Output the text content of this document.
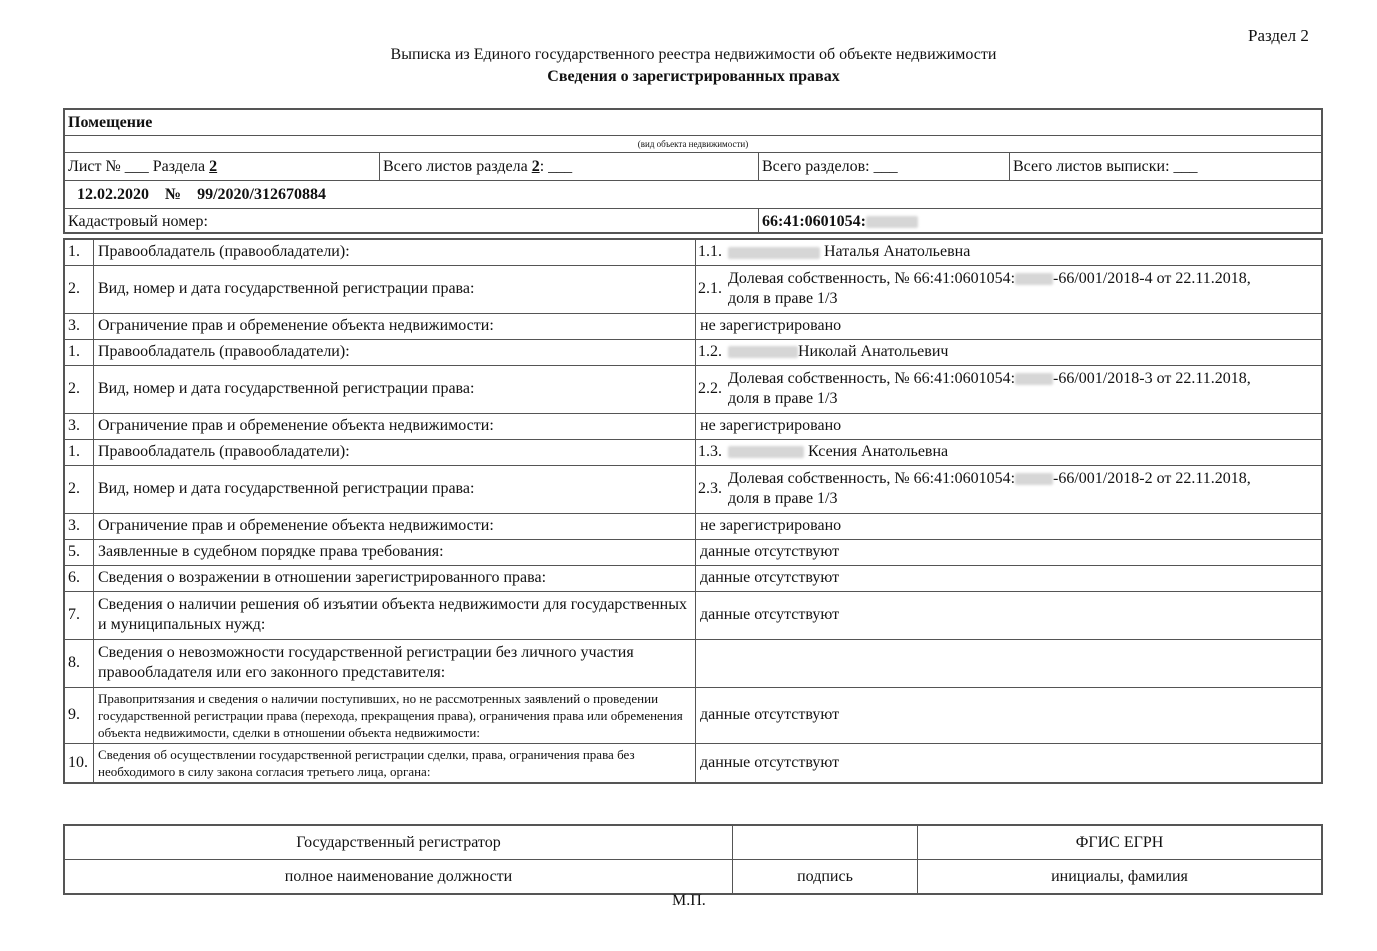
Раздел 2
Выписка из Единого государственного реестра недвижимости об объекте недвижимости
Сведения о зарегистрированных правах
Помещение
(вид объекта недвижимости)
Лист № ___ Раздела 2	Всего листов раздела 2: ___	Всего разделов: ___	Всего листов выписки: ___
12.02.2020 № 99/2020/312670884
Кадастровый номер:	66:41:0601054:
1.	Правообладатель (правообладатели):	1.1.	Наталья Анатольевна
2.	Вид, номер и дата государственной регистрации права:	2.1.	Долевая собственность, № 66:41:0601054: -66/001/2018-4 от 22.11.2018,
доля в праве 1/3
3.	Ограничение прав и обременение объекта недвижимости:	не зарегистрировано	
1.	Правообладатель (правообладатели):	1.2.	Николай Анатольевич
2.	Вид, номер и дата государственной регистрации права:	2.2.	Долевая собственность, № 66:41:0601054: -66/001/2018-3 от 22.11.2018,
доля в праве 1/3
3.	Ограничение прав и обременение объекта недвижимости:	не зарегистрировано	
1.	Правообладатель (правообладатели):	1.3.	Ксения Анатольевна
2.	Вид, номер и дата государственной регистрации права:	2.3.	Долевая собственность, № 66:41:0601054: -66/001/2018-2 от 22.11.2018,
доля в праве 1/3
3.	Ограничение прав и обременение объекта недвижимости:	не зарегистрировано	
5.	Заявленные в судебном порядке права требования:	данные отсутствуют	
6.	Сведения о возражении в отношении зарегистрированного права:	данные отсутствуют	
7.	Сведения о наличии решения об изъятии объекта недвижимости для государственных и муниципальных нужд:	данные отсутствуют	
8.	Сведения о невозможности государственной регистрации без личного участия правообладателя или его законного представителя:		
9.	Правопритязания и сведения о наличии поступивших, но не рассмотренных заявлений о проведении государственной регистрации права (перехода, прекращения права), ограничения права или обременения объекта недвижимости, сделки в отношении объекта недвижимости:	данные отсутствуют	
10.	Сведения об осуществлении государственной регистрации сделки, права, ограничения права без необходимого в силу закона согласия третьего лица, органа:	данные отсутствуют	
Государственный регистратор		ФГИС ЕГРН
полное наименование должности	подпись	инициалы, фамилия
М.П.
